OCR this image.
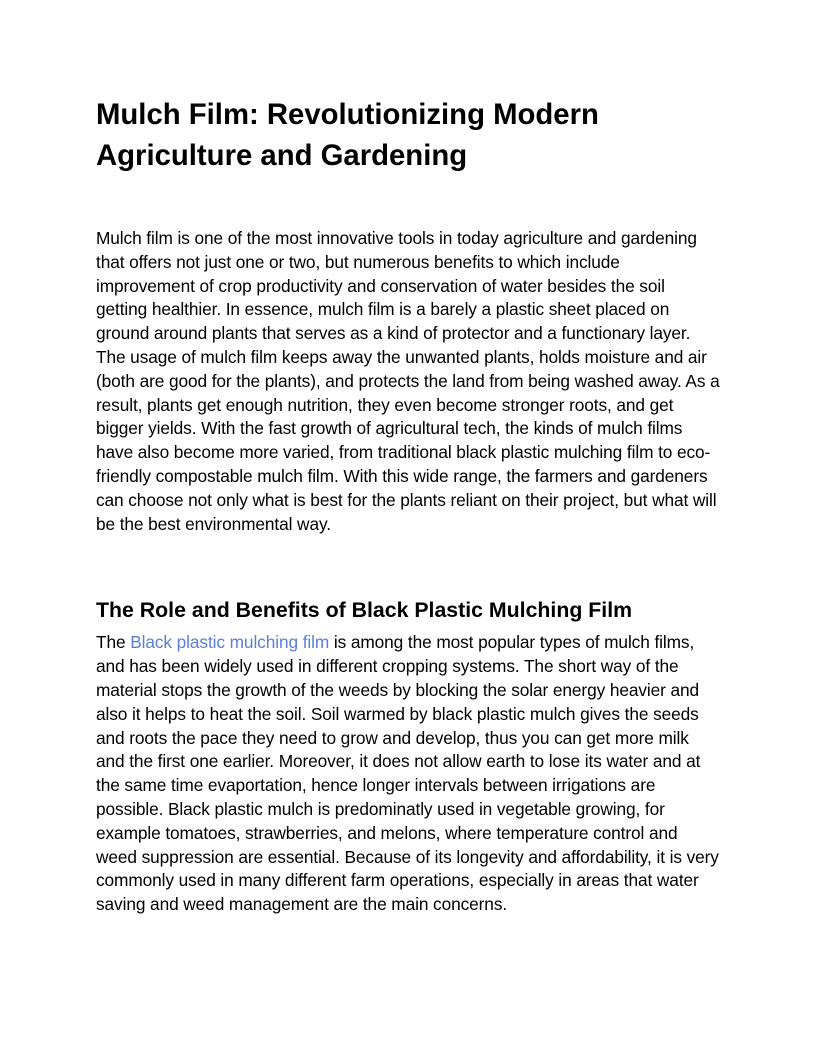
Mulch Film: Revolutionizing Modern Agriculture and Gardening

Mulch film is one of the most innovative tools in today agriculture and gardening that offers not just one or two, but numerous benefits to which include improvement of crop productivity and conservation of water besides the soil getting healthier. In essence, mulch film is a barely a plastic sheet placed on ground around plants that serves as a kind of protector and a functionary layer. The usage of mulch film keeps away the unwanted plants, holds moisture and air (both are good for the plants), and protects the land from being washed away. As a result, plants get enough nutrition, they even become stronger roots, and get bigger yields. With the fast growth of agricultural tech, the kinds of mulch films have also become more varied, from traditional black plastic mulching film to eco-friendly compostable mulch film. With this wide range, the farmers and gardeners can choose not only what is best for the plants reliant on their project, but what will be the best environmental way.

The Role and Benefits of Black Plastic Mulching Film

The Black plastic mulching film is among the most popular types of mulch films, and has been widely used in different cropping systems. The short way of the material stops the growth of the weeds by blocking the solar energy heavier and also it helps to heat the soil. Soil warmed by black plastic mulch gives the seeds and roots the pace they need to grow and develop, thus you can get more milk and the first one earlier. Moreover, it does not allow earth to lose its water and at the same time evaportation, hence longer intervals between irrigations are possible. Black plastic mulch is predominatly used in vegetable growing, for example tomatoes, strawberries, and melons, where temperature control and weed suppression are essential. Because of its longevity and affordability, it is very commonly used in many different farm operations, especially in areas that water saving and weed management are the main concerns.
